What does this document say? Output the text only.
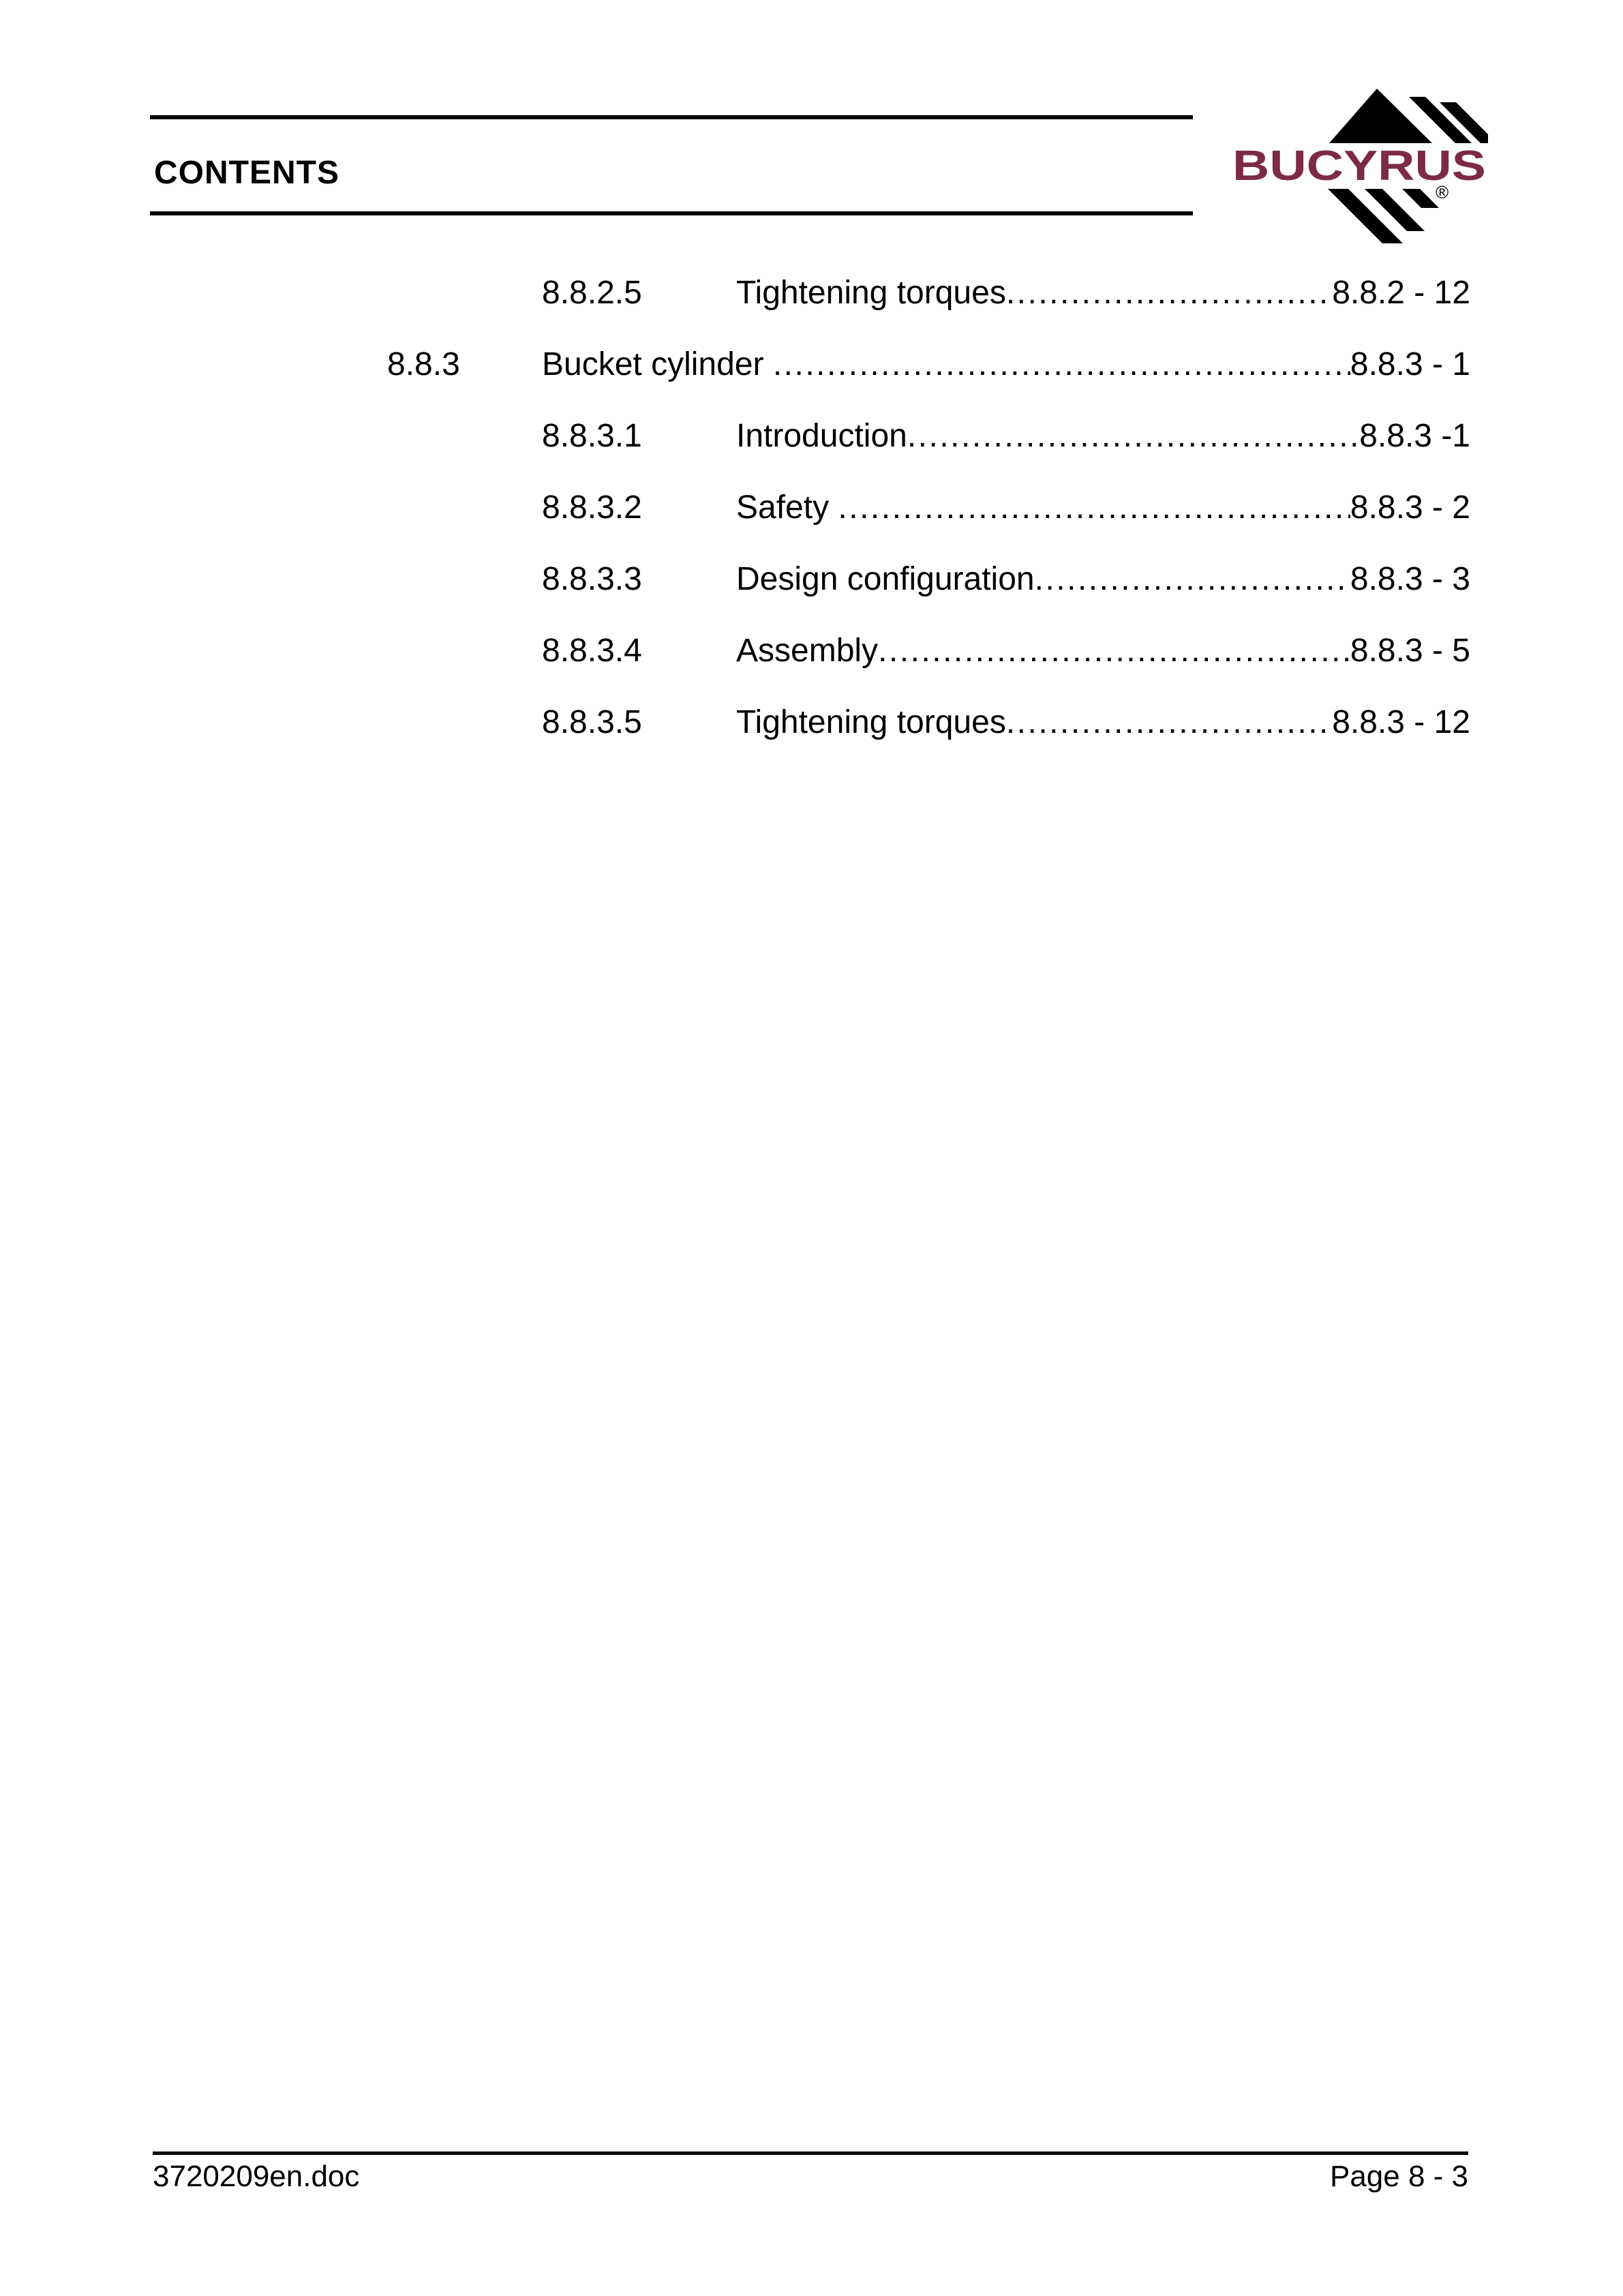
CONTENTS	BUCYRUS
®
8.8.2.5	Tightening torques .....	8.8.2 - 12
8.8.3	Bucket cylinder .....	8.8.3 - 1
8.8.3.1	Introduction .....	8.8.3 -1
8.8.3.2	Safety .....	8.8.3 - 2
8.8.3.3	Design configuration .....	8.8.3 - 3
8.8.3.4	Assembly .....	8.8.3 - 5
8.8.3.5	Tightening torques .....	8.8.3 - 12
3720209en.doc	Page 8 - 3
